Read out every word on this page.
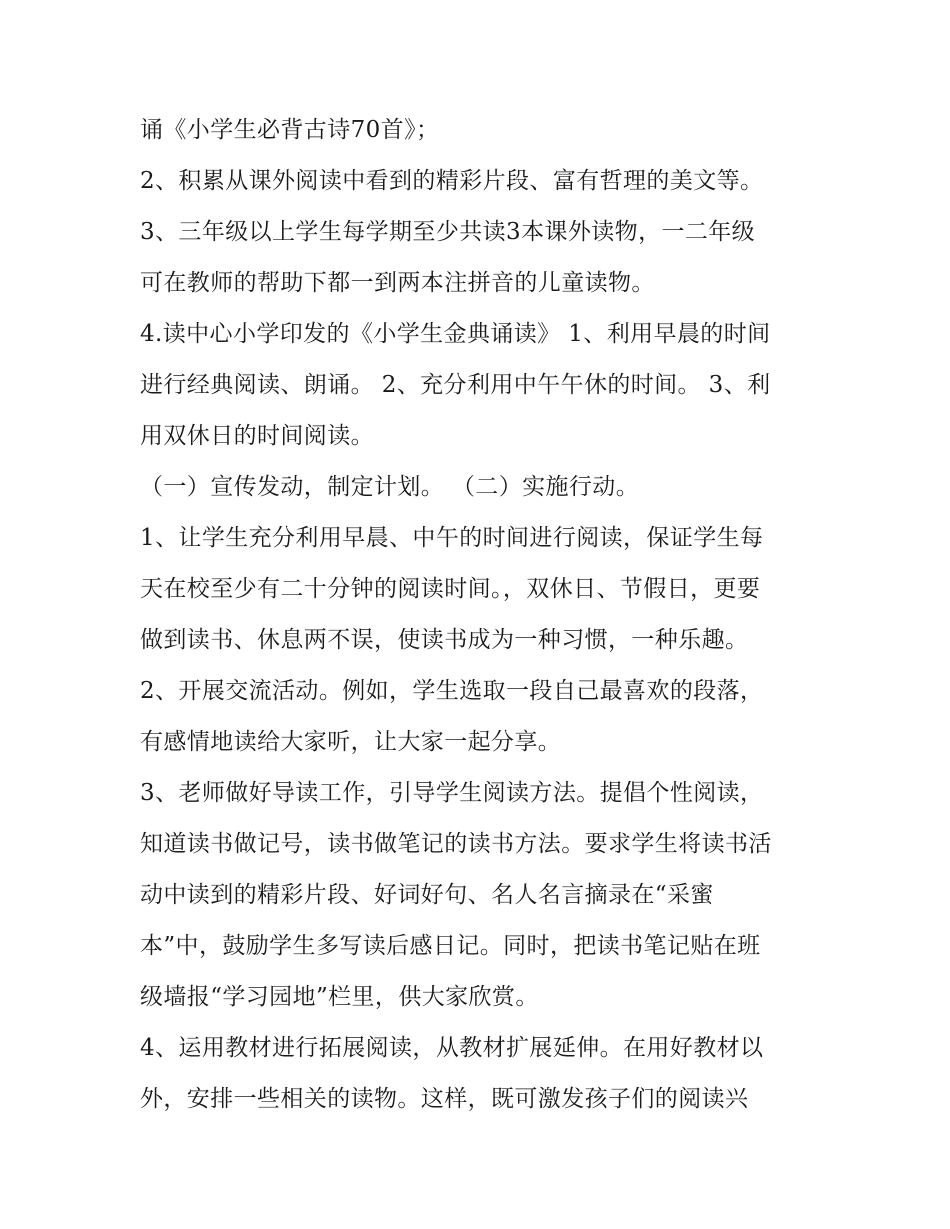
诵《小学生必背古诗70首》；
2、积累从课外阅读中看到的精彩片段、富有哲理的美文等。
3、三年级以上学生每学期至少共读3本课外读物，一二年级
可在教师的帮助下都一到两本注拼音的儿童读物。
4.读中心小学印发的《小学生金典诵读》 1、利用早晨的时间
进行经典阅读、朗诵。 2、充分利用中午午休的时间。 3、利
用双休日的时间阅读。
（一）宣传发动，制定计划。 （二）实施行动。
1、让学生充分利用早晨、中午的时间进行阅读，保证学生每
天在校至少有二十分钟的阅读时间。，双休日、节假日，更要
做到读书、休息两不误，使读书成为一种习惯，一种乐趣。
2、开展交流活动。例如，学生选取一段自己最喜欢的段落，
有感情地读给大家听，让大家一起分享。
3、老师做好导读工作，引导学生阅读方法。提倡个性阅读，
知道读书做记号，读书做笔记的读书方法。要求学生将读书活
动中读到的精彩片段、好词好句、名人名言摘录在“采蜜
本”中，鼓励学生多写读后感日记。同时，把读书笔记贴在班
级墙报“学习园地”栏里，供大家欣赏。
4、运用教材进行拓展阅读，从教材扩展延伸。在用好教材以
外，安排一些相关的读物。这样，既可激发孩子们的阅读兴
